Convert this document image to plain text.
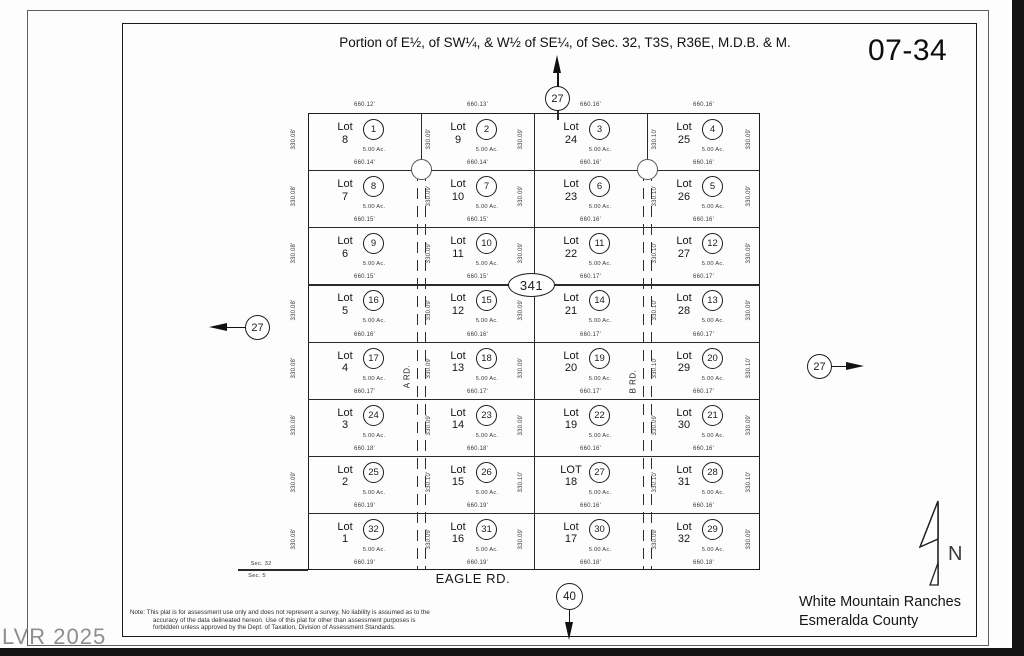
Portion of E½, of SW¼, & W½ of SE¼, of Sec. 32, T3S, R36E, M.D.B. & M.	07-34
27
27
27
40
341
A RD.	B RD.
EAGLE RD.
Sec. 32
Sec. 5
Note: This plat is for assessment use only and does not represent a survey. No liability is assumed as to the accuracy of the data delineated hereon. Use of this plat for other than assessment purposes is forbidden unless approved by the Dept. of Taxation, Division of Assessment Standards.
N
White Mountain Ranches
Esmeralda County
LVR 2025
660.12'	660.13'	660.16'	660.16'
Lot
8
1
5.00 Ac.
660.14'
Lot
9
2
5.00 Ac.
660.14'
Lot
24
3
5.00 Ac.
660.16'
Lot
25
4
5.00 Ac.
660.16'
330.08'	330.09'	330.09'	330.10'	330.09'
Lot
7
8
5.00 Ac.
660.15'
Lot
10
7
5.00 Ac.
660.15'
Lot
23
6
5.00 Ac.
660.16'
Lot
26
5
5.00 Ac.
660.16'
330.08'	330.09'	330.09'	330.10'	330.09'
Lot
6
9
5.00 Ac.
660.15'
Lot
11
10
5.00 Ac.
660.15'
Lot
22
11
5.00 Ac.
660.17'
Lot
27
12
5.00 Ac.
660.17'
330.08'	330.09'	330.09'	330.10'	330.09'
Lot
5
16
5.00 Ac.
660.16'
Lot
12
15
5.00 Ac.
660.16'
Lot
21
14
5.00 Ac.
660.17'
Lot
28
13
5.00 Ac.
660.17'
330.08'	330.09'	330.09'	330.10'	330.09'
Lot
4
17
5.00 Ac.
660.17'
Lot
13
18
5.00 Ac.
660.17'
Lot
20
19
5.00 Ac.
660.17'
Lot
29
20
5.00 Ac.
660.17'
330.08'	330.09'	330.09'	330.10'	330.10'
Lot
3
24
5.00 Ac.
660.18'
Lot
14
23
5.00 Ac.
660.18'
Lot
19
22
5.00 Ac.
660.16'
Lot
30
21
5.00 Ac.
660.16'
330.08'	330.09'	330.09'	330.09'	330.09'
Lot
2
25
5.00 Ac.
660.19'
Lot
15
26
5.00 Ac.
660.19'
LOT
18
27
5.00 Ac.
660.16'
Lot
31
28
5.00 Ac.
660.16'
330.09'	330.10'	330.10'	330.10'	330.10'
Lot
1
32
5.00 Ac.
660.19'
Lot
16
31
5.00 Ac.
660.19'
Lot
17
30
5.00 Ac.
660.18'
Lot
32
29
5.00 Ac.
660.18'
330.08'	330.09'	330.09'	330.09'	330.09'
